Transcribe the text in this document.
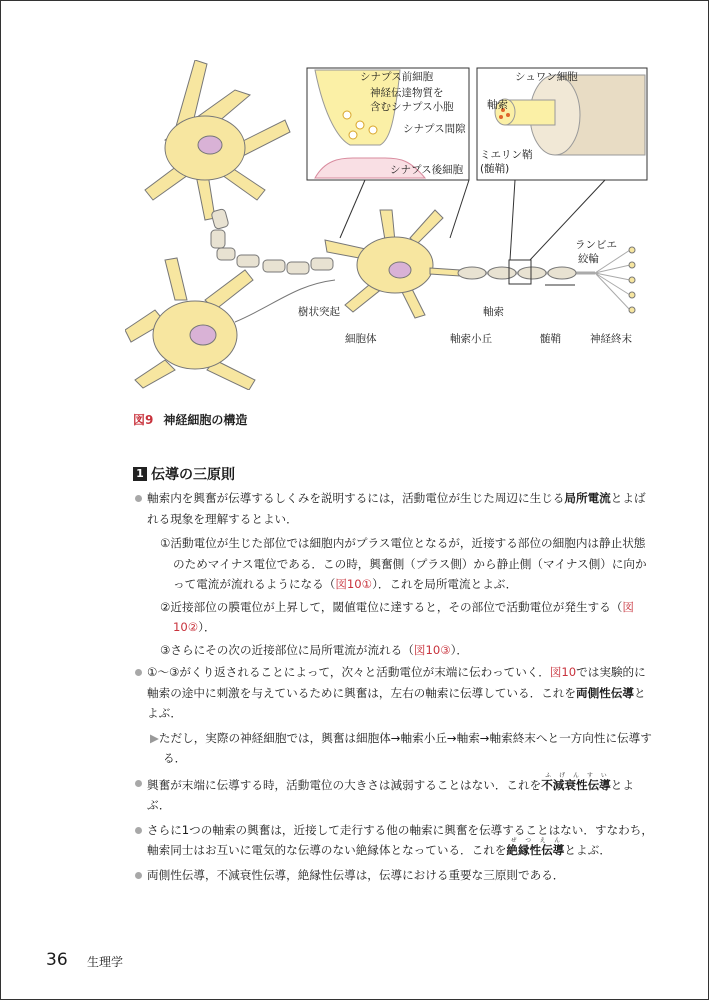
シナプス前細胞
神経伝達物質を
含むシナプス小胞
シナプス間隙
シナプス後細胞
シュワン細胞
軸索
ミエリン鞘
(髄鞘)
ランビエ
絞輪
樹状突起
細胞体	軸索小丘
軸索
髄鞘	神経終末
図9 神経細胞の構造
1 伝導の三原則
軸索内を興奮が伝導するしくみを説明するには，活動電位が生じた周辺に生じる局所電流とよばれる現象を理解するとよい．
①活動電位が生じた部位では細胞内がプラス電位となるが，近接する部位の細胞内は静止状態のためマイナス電位である．この時，興奮側（プラス側）から静止側（マイナス側）に向かって電流が流れるようになる（図10①）．これを局所電流とよぶ．
②近接部位の膜電位が上昇して，閾値電位に達すると，その部位で活動電位が発生する（図10②）．
③さらにその次の近接部位に局所電流が流れる（図10③）．
①～③がくり返されることによって，次々と活動電位が末端に伝わっていく．図10では実験的に軸索の途中に刺激を与えているために興奮は，左右の軸索に伝導している．これを両側性伝導とよぶ．
▶ただし，実際の神経細胞では，興奮は細胞体→軸索小丘→軸索→軸索終末へと一方向性に伝導する．
興奮が末端に伝導する時，活動電位の大きさは減弱することはない．これを不減衰性伝導ふげんすいとよぶ．
さらに1つの軸索の興奮は，近接して走行する他の軸索に興奮を伝導することはない．すなわち，軸索同士はお互いに電気的な伝導のない絶縁体となっている．これを絶縁性伝導ぜつえんとよぶ．
両側性伝導，不減衰性伝導，絶縁性伝導は，伝導における重要な三原則である．
36 生理学
